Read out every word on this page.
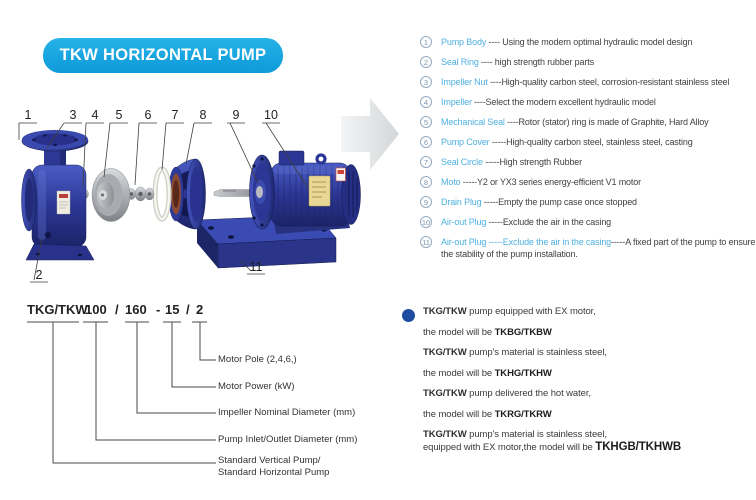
TKW HORIZONTAL PUMP
1	3 4 5 6 7 8 9 10
2
11
1	Pump Body ---- Using the modern optimal hydraulic model design
2	Seal Ring ---- high strength rubber parts
3	Impeller Nut ----High-quality carbon steel, corrosion-resistant stainless steel
4	Impeller ----Select the modern excellent hydraulic model
5	Mechanical Seal ----Rotor (stator) ring is made of Graphite, Hard Alloy
6	Pump Cover -----High-quality carbon steel, stainless steel, casting
7	Seal Circle -----High strength Rubber
8	Moto -----Y2 or YX3 series energy-efficient V1 motor
9	Drain Plug -----Empty the pump case once stopped
10 Air-out Plug -----Exclude the air in the casing
11 Air-out Plug -----Exclude the air in the casing-----A fixed part of the pump to ensure the stability of the pump installation.
TKG/TKW
100 / 160 - 15 / 2
Motor Pole (2,4,6,)
Motor Power (kW)
Impeller Nominal Diameter (mm)
Pump Inlet/Outlet Diameter (mm)
Standard Vertical Pump/
Standard Horizontal Pump
TKG/TKW pump equipped with EX motor,
the model will be TKBG/TKBW
TKG/TKW pump's material is stainless steel,
the model will be TKHG/TKHW
TKG/TKW pump delivered the hot water,
the model will be TKRG/TKRW
TKG/TKW pump's material is stainless steel,
equipped with EX motor,the model will be TKHGB/TKHWB
